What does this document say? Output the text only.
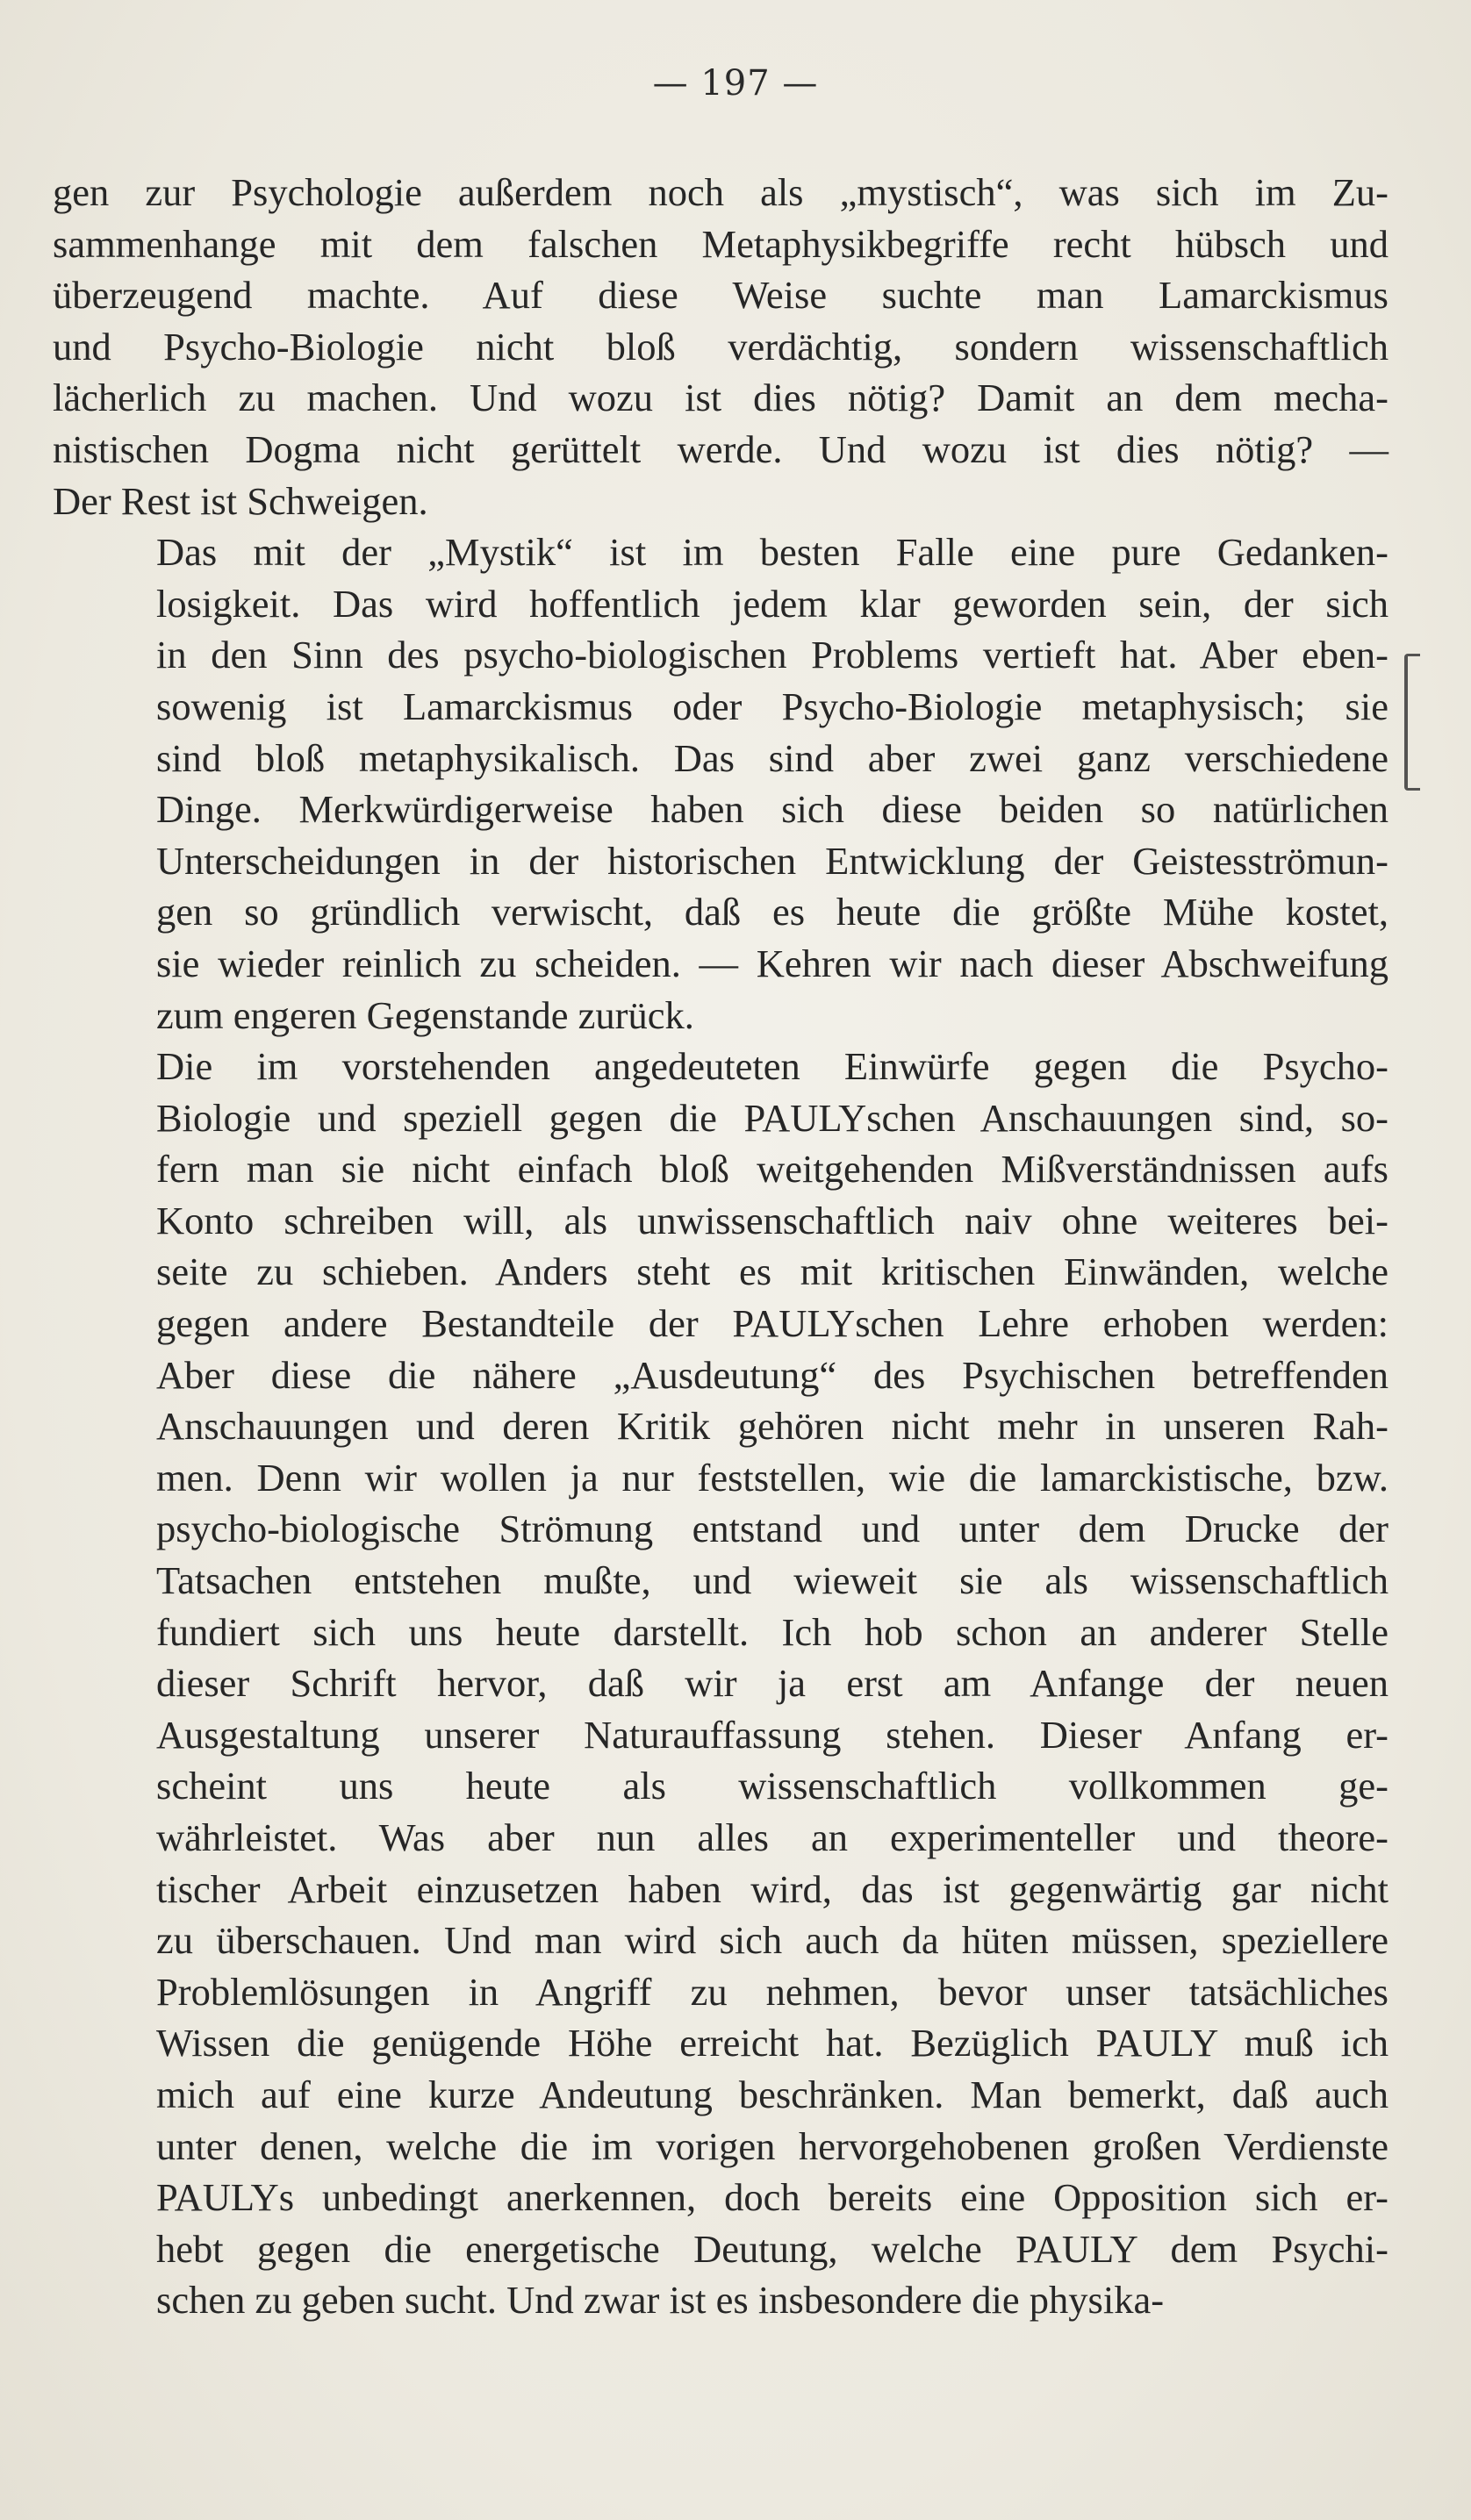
— 197 —

gen zur Psychologie außerdem noch als „mystisch“, was sich im Zu-
sammenhange mit dem falschen Metaphysikbegriffe recht hübsch und
überzeugend machte. Auf diese Weise suchte man Lamarckismus
und Psycho-Biologie nicht bloß verdächtig, sondern wissenschaftlich
lächerlich zu machen. Und wozu ist dies nötig? Damit an dem mecha-
nistischen Dogma nicht gerüttelt werde. Und wozu ist dies nötig? —
Der Rest ist Schweigen.

Das mit der „Mystik“ ist im besten Falle eine pure Gedanken-
losigkeit. Das wird hoffentlich jedem klar geworden sein, der sich
in den Sinn des psycho-biologischen Problems vertieft hat. Aber eben-
sowenig ist Lamarckismus oder Psycho-Biologie metaphysisch; sie
sind bloß metaphysikalisch. Das sind aber zwei ganz verschiedene
Dinge. Merkwürdigerweise haben sich diese beiden so natürlichen
Unterscheidungen in der historischen Entwicklung der Geistesströmun-
gen so gründlich verwischt, daß es heute die größte Mühe kostet,
sie wieder reinlich zu scheiden. — Kehren wir nach dieser Abschweifung
zum engeren Gegenstande zurück.

Die im vorstehenden angedeuteten Einwürfe gegen die Psycho-
Biologie und speziell gegen die PAULYschen Anschauungen sind, so-
fern man sie nicht einfach bloß weitgehenden Mißverständnissen aufs
Konto schreiben will, als unwissenschaftlich naiv ohne weiteres bei-
seite zu schieben. Anders steht es mit kritischen Einwänden, welche
gegen andere Bestandteile der PAULYschen Lehre erhoben werden:
Aber diese die nähere „Ausdeutung“ des Psychischen betreffenden
Anschauungen und deren Kritik gehören nicht mehr in unseren Rah-
men. Denn wir wollen ja nur feststellen, wie die lamarckistische, bzw.
psycho-biologische Strömung entstand und unter dem Drucke der
Tatsachen entstehen mußte, und wieweit sie als wissenschaftlich
fundiert sich uns heute darstellt. Ich hob schon an anderer Stelle
dieser Schrift hervor, daß wir ja erst am Anfange der neuen
Ausgestaltung unserer Naturauffassung stehen. Dieser Anfang er-
scheint uns heute als wissenschaftlich vollkommen ge-
währleistet. Was aber nun alles an experimenteller und theore-
tischer Arbeit einzusetzen haben wird, das ist gegenwärtig gar nicht
zu überschauen. Und man wird sich auch da hüten müssen, speziellere
Problemlösungen in Angriff zu nehmen, bevor unser tatsächliches
Wissen die genügende Höhe erreicht hat. Bezüglich PAULY muß ich
mich auf eine kurze Andeutung beschränken. Man bemerkt, daß auch
unter denen, welche die im vorigen hervorgehobenen großen Verdienste
PAULYs unbedingt anerkennen, doch bereits eine Opposition sich er-
hebt gegen die energetische Deutung, welche PAULY dem Psychi-
schen zu geben sucht. Und zwar ist es insbesondere die physika-
